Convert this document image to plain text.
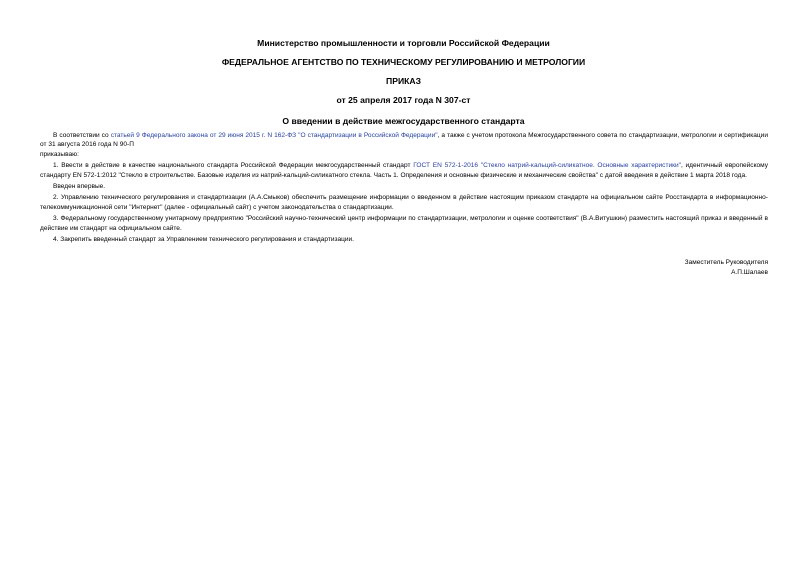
Министерство промышленности и торговли Российской Федерации
ФЕДЕРАЛЬНОЕ АГЕНТСТВО ПО ТЕХНИЧЕСКОМУ РЕГУЛИРОВАНИЮ И МЕТРОЛОГИИ
ПРИКАЗ
от 25 апреля 2017 года N 307-ст
О введении в действие межгосударственного стандарта

В соответствии со статьей 9 Федерального закона от 29 июня 2015 г. N 162-ФЗ "О стандартизации в Российской Федерации", а также с учетом протокола Межгосударственного совета по стандартизации, метрологии и сертификации от 31 августа 2016 года N 90-П

приказываю:

1. Ввести в действие в качестве национального стандарта Российской Федерации межгосударственный стандарт ГОСТ EN 572-1-2016 "Стекло натрий-кальций-силикатное. Основные характеристики", идентичный европейскому стандарту EN 572-1:2012 "Стекло в строительстве. Базовые изделия из натрий-кальций-силикатного стекла. Часть 1. Определения и основные физические и механические свойства" с датой введения в действие 1 марта 2018 года.

Введен впервые.

2. Управлению технического регулирования и стандартизации (А.А.Смыков) обеспечить размещение информации о введенном в действие настоящим приказом стандарте на официальном сайте Росстандарта в информационно-телекоммуникационной сети "Интернет" (далее - официальный сайт) с учетом законодательства о стандартизации.

3. Федеральному государственному унитарному предприятию "Российский научно-технический центр информации по стандартизации, метрологии и оценке соответствия" (В.А.Витушкин) разместить настоящий приказ и введенный в действие им стандарт на официальном сайте.

4. Закрепить введенный стандарт за Управлением технического регулирования и стандартизации.

Заместитель Руководителя
А.П.Шалаев
